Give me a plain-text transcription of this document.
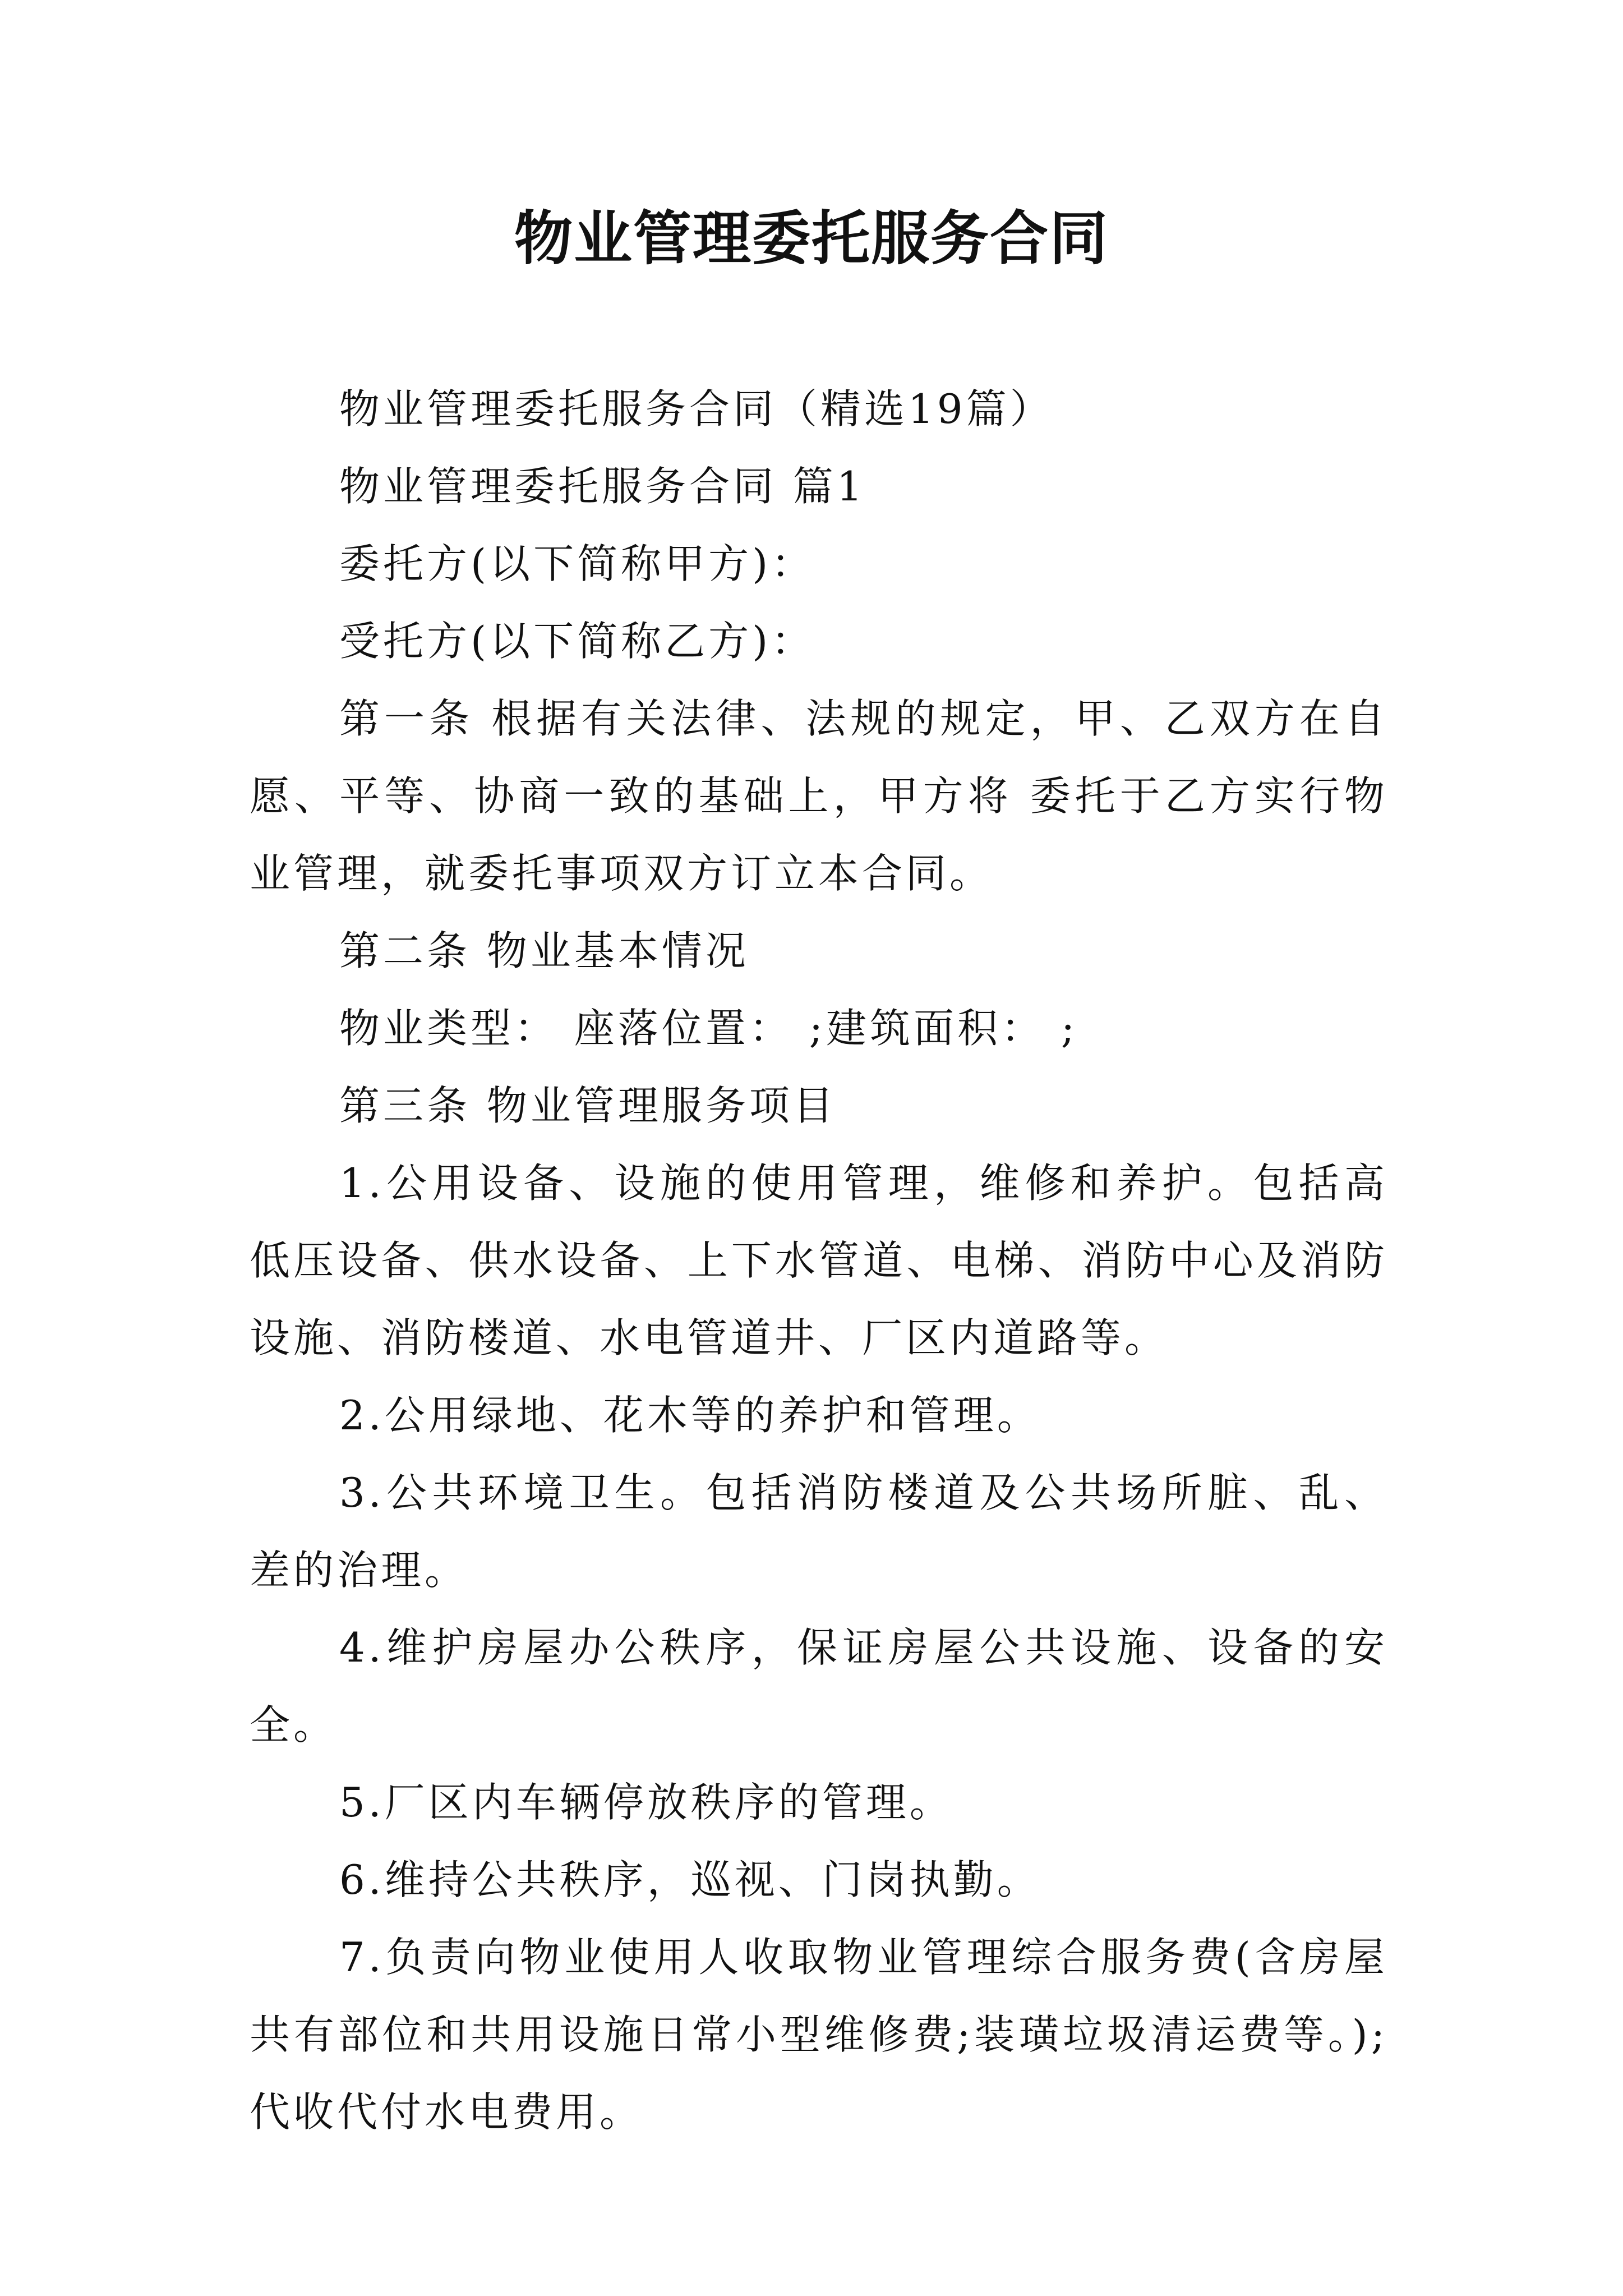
物业管理委托服务合同

物业管理委托服务合同（精选19篇）

物业管理委托服务合同 篇1

委托方(以下简称甲方)：

受托方(以下简称乙方)：

第一条 根据有关法律、法规的规定，甲、乙双方在自愿、平等、协商一致的基础上，甲方将 委托于乙方实行物业管理，就委托事项双方订立本合同。

第二条 物业基本情况

物业类型： 座落位置： ;建筑面积： ;

第三条 物业管理服务项目

1.公用设备、设施的使用管理，维修和养护。包括高低压设备、供水设备、上下水管道、电梯、消防中心及消防设施、消防楼道、水电管道井、厂区内道路等。

2.公用绿地、花木等的养护和管理。

3.公共环境卫生。包括消防楼道及公共场所脏、乱、差的治理。

4.维护房屋办公秩序，保证房屋公共设施、设备的安全。

5.厂区内车辆停放秩序的管理。

6.维持公共秩序，巡视、门岗执勤。

7.负责向物业使用人收取物业管理综合服务费(含房屋共有部位和共用设施日常小型维修费;装璜垃圾清运费等。);代收代付水电费用。
